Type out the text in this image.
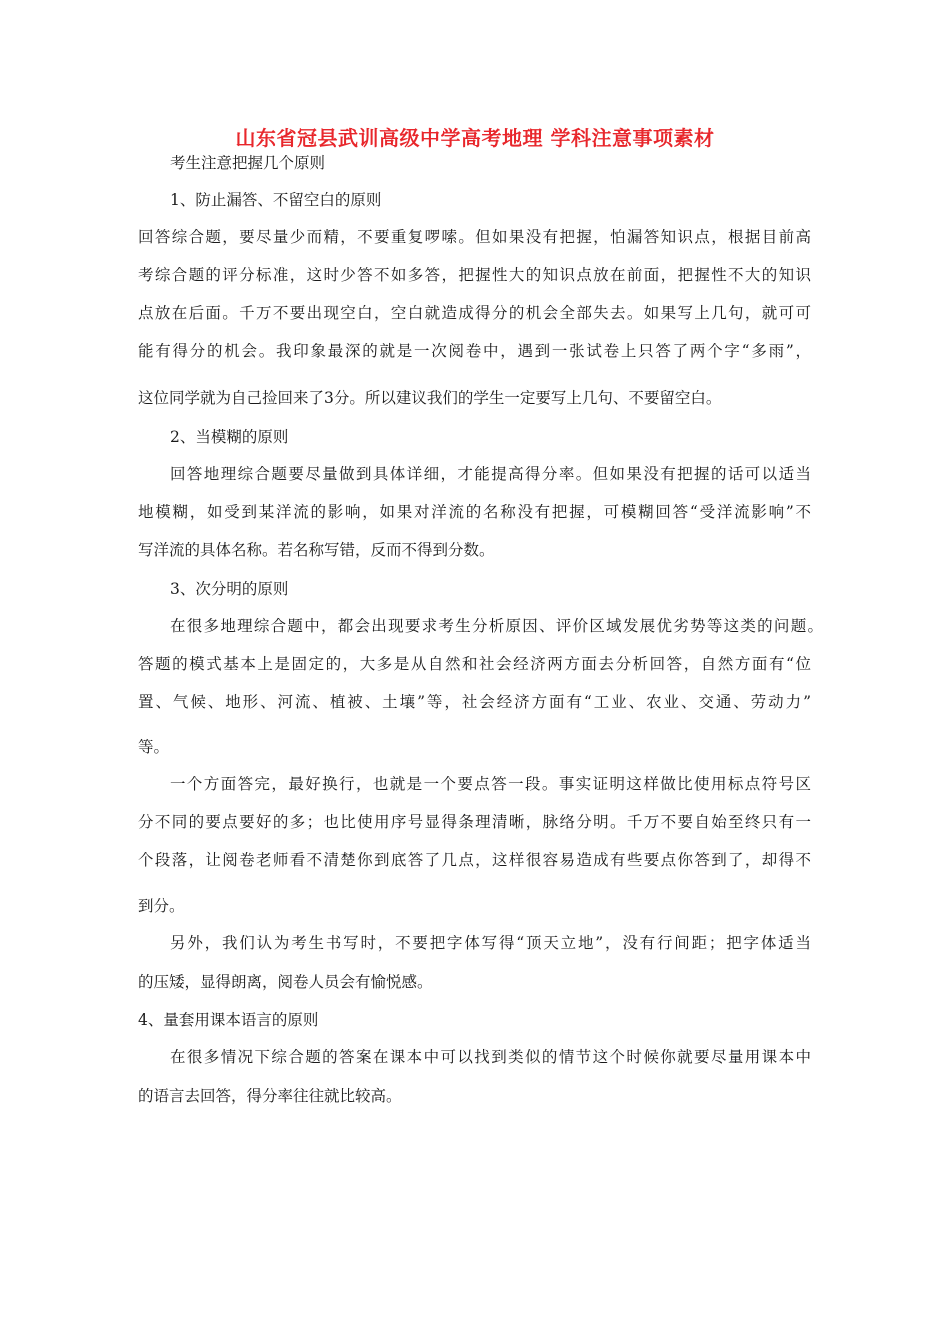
山东省冠县武训高级中学高考地理 学科注意事项素材
考生注意把握几个原则
1、防止漏答、不留空白的原则
回答综合题，要尽量少而精，不要重复啰嗦。但如果没有把握，怕漏答知识点，根据目前高
考综合题的评分标准，这时少答不如多答，把握性大的知识点放在前面，把握性不大的知识
点放在后面。千万不要出现空白，空白就造成得分的机会全部失去。如果写上几句，就可可
能有得分的机会。我印象最深的就是一次阅卷中，遇到一张试卷上只答了两个字“多雨”，
这位同学就为自己捡回来了3分。所以建议我们的学生一定要写上几句、不要留空白。
2、当模糊的原则
回答地理综合题要尽量做到具体详细，才能提高得分率。但如果没有把握的话可以适当
地模糊，如受到某洋流的影响，如果对洋流的名称没有把握，可模糊回答“受洋流影响”不
写洋流的具体名称。若名称写错，反而不得到分数。
3、次分明的原则
在很多地理综合题中，都会出现要求考生分析原因、评价区域发展优劣势等这类的问题。
答题的模式基本上是固定的，大多是从自然和社会经济两方面去分析回答，自然方面有“位
置、气候、地形、河流、植被、土壤”等，社会经济方面有“工业、农业、交通、劳动力”
等。
一个方面答完，最好换行，也就是一个要点答一段。事实证明这样做比使用标点符号区
分不同的要点要好的多；也比使用序号显得条理清晰，脉络分明。千万不要自始至终只有一
个段落，让阅卷老师看不清楚你到底答了几点，这样很容易造成有些要点你答到了，却得不
到分。
另外，我们认为考生书写时，不要把字体写得“顶天立地”，没有行间距；把字体适当
的压矮，显得朗离，阅卷人员会有愉悦感。
4、量套用课本语言的原则
在很多情况下综合题的答案在课本中可以找到类似的情节这个时候你就要尽量用课本中
的语言去回答，得分率往往就比较高。
